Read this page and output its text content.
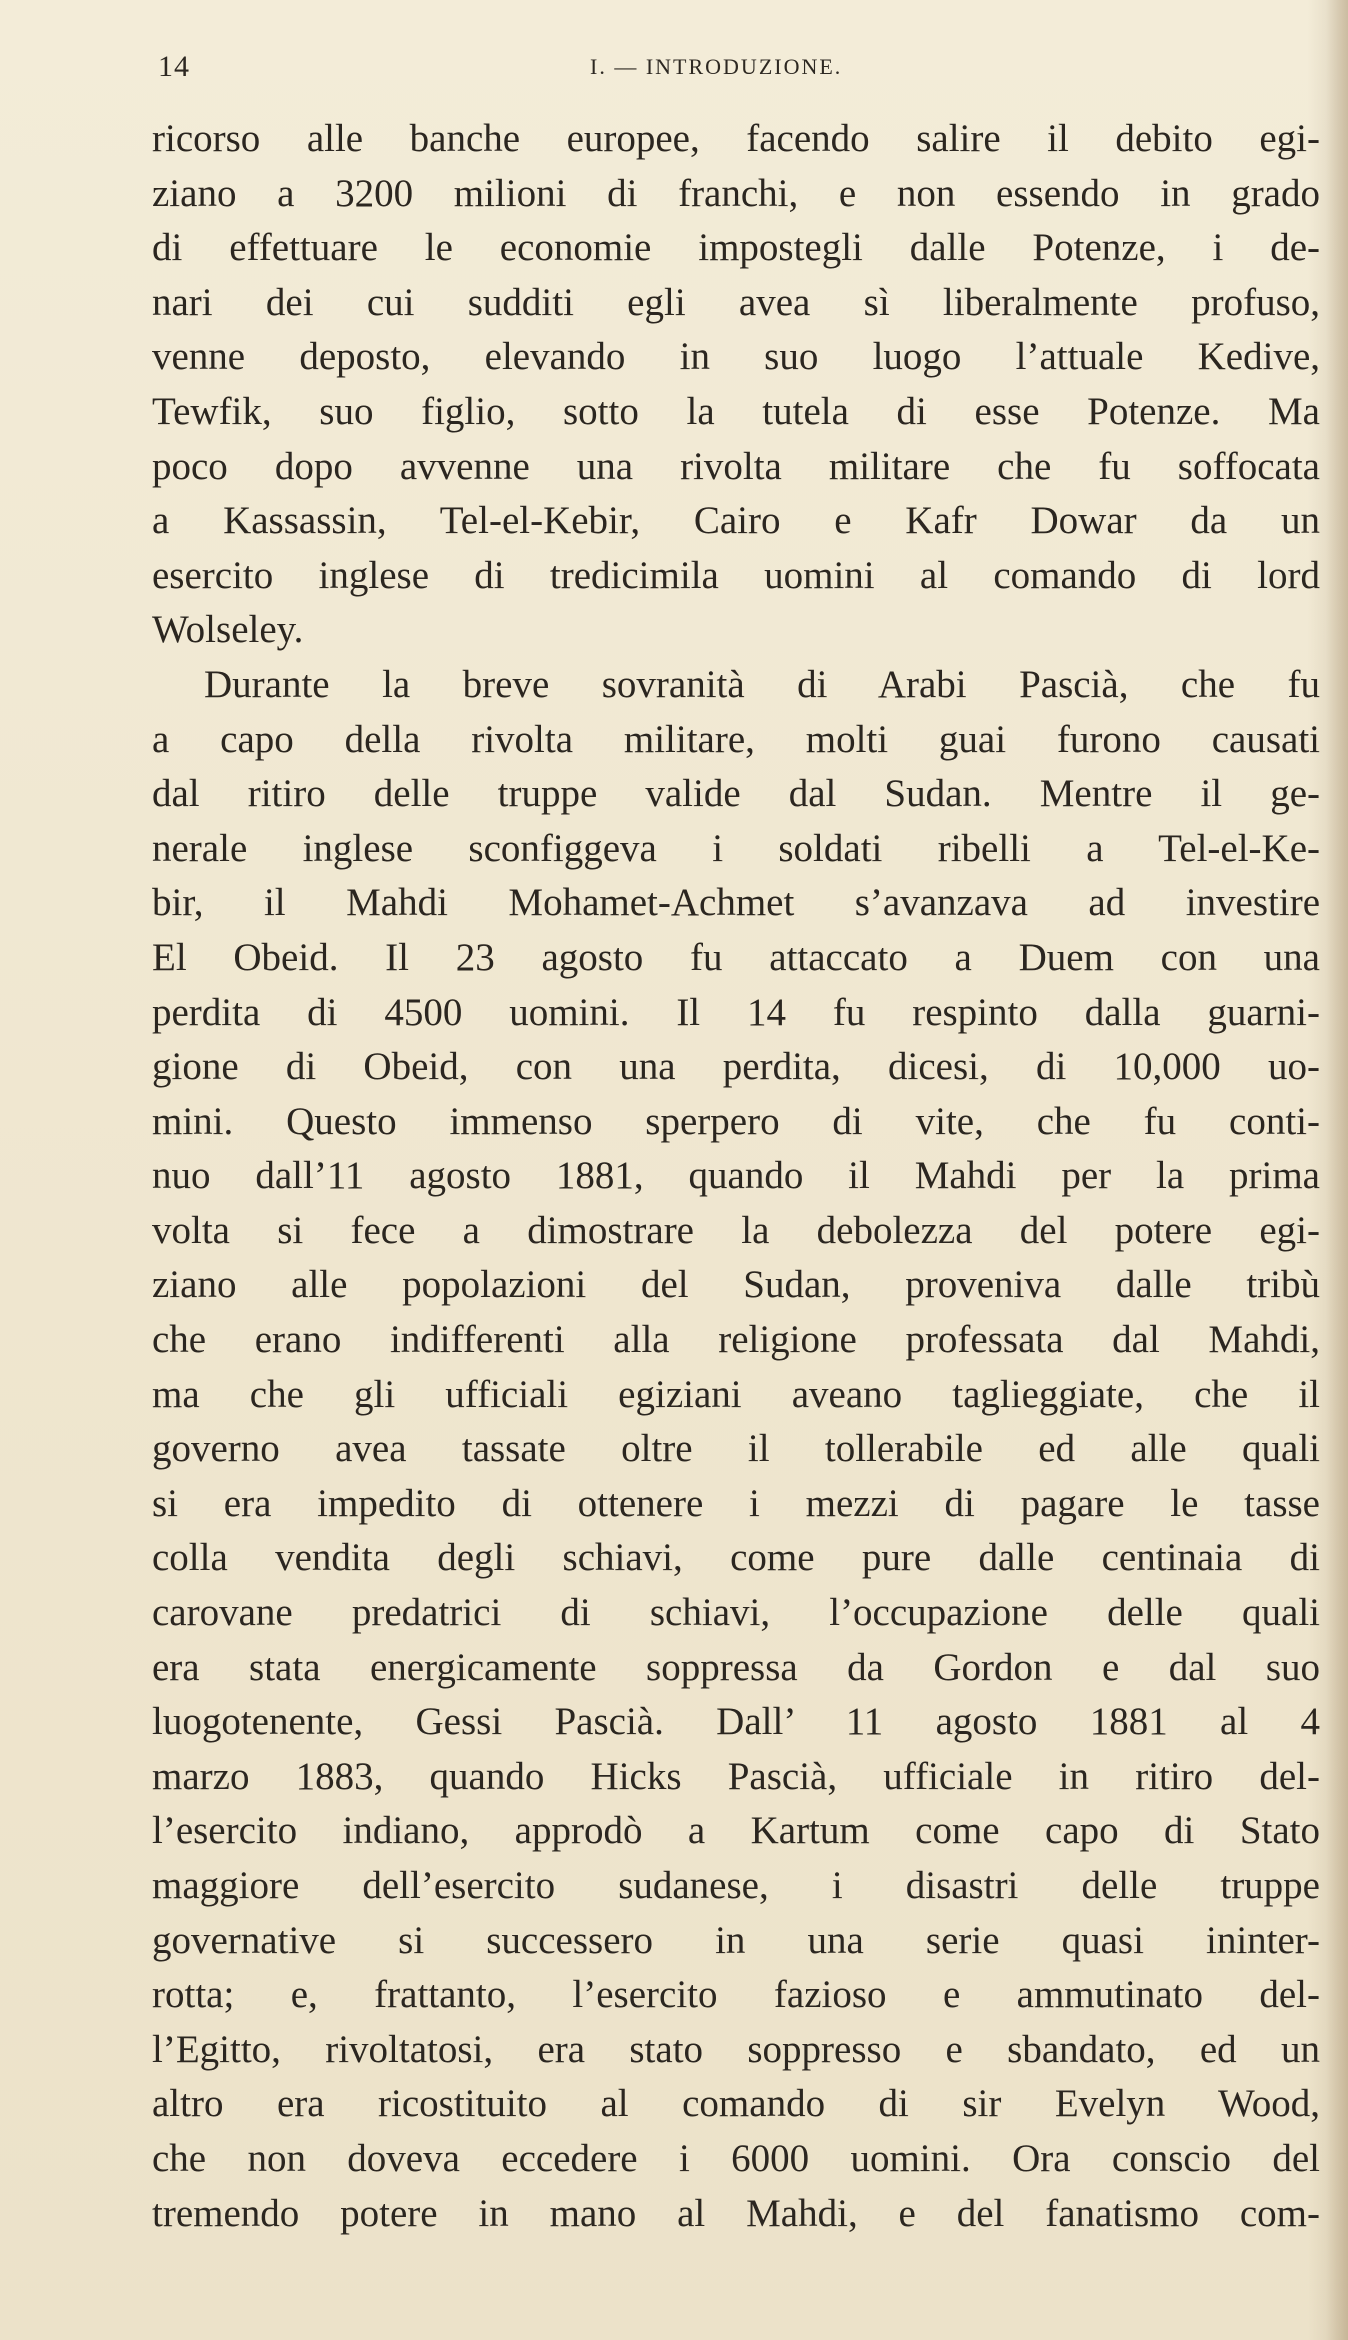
14	I. — INTRODUZIONE.
ricorso alle banche europee, facendo salire il debito egi-
ziano a 3200 milioni di franchi, e non essendo in grado
di effettuare le economie impostegli dalle Potenze, i de-
nari dei cui sudditi egli avea sì liberalmente profuso,
venne deposto, elevando in suo luogo l’attuale Kedive,
Tewfik, suo figlio, sotto la tutela di esse Potenze. Ma
poco dopo avvenne una rivolta militare che fu soffocata
a Kassassin, Tel-el-Kebir, Cairo e Kafr Dowar da un
esercito inglese di tredicimila uomini al comando di lord
Wolseley.
Durante la breve sovranità di Arabi Pascià, che fu
a capo della rivolta militare, molti guai furono causati
dal ritiro delle truppe valide dal Sudan. Mentre il ge-
nerale inglese sconfiggeva i soldati ribelli a Tel-el-Ke-
bir, il Mahdi Mohamet-Achmet s’avanzava ad investire
El Obeid. Il 23 agosto fu attaccato a Duem con una
perdita di 4500 uomini. Il 14 fu respinto dalla guarni-
gione di Obeid, con una perdita, dicesi, di 10,000 uo-
mini. Questo immenso sperpero di vite, che fu conti-
nuo dall’11 agosto 1881, quando il Mahdi per la prima
volta si fece a dimostrare la debolezza del potere egi-
ziano alle popolazioni del Sudan, proveniva dalle tribù
che erano indifferenti alla religione professata dal Mahdi,
ma che gli ufficiali egiziani aveano taglieggiate, che il
governo avea tassate oltre il tollerabile ed alle quali
si era impedito di ottenere i mezzi di pagare le tasse
colla vendita degli schiavi, come pure dalle centinaia di
carovane predatrici di schiavi, l’occupazione delle quali
era stata energicamente soppressa da Gordon e dal suo
luogotenente, Gessi Pascià. Dall’ 11 agosto 1881 al 4
marzo 1883, quando Hicks Pascià, ufficiale in ritiro del-
l’esercito indiano, approdò a Kartum come capo di Stato
maggiore dell’esercito sudanese, i disastri delle truppe
governative si successero in una serie quasi ininter-
rotta; e, frattanto, l’esercito fazioso e ammutinato del-
l’Egitto, rivoltatosi, era stato soppresso e sbandato, ed un
altro era ricostituito al comando di sir Evelyn Wood,
che non doveva eccedere i 6000 uomini. Ora conscio del
tremendo potere in mano al Mahdi, e del fanatismo com-
